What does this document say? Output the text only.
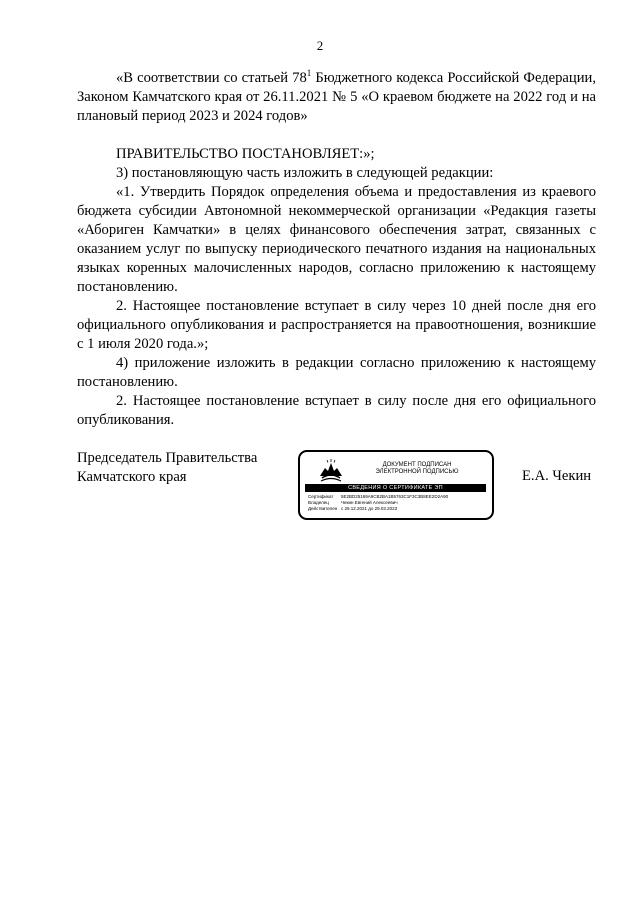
2

«В соответствии со статьей $78^1$ Бюджетного кодекса Российской Федерации, Законом Камчатского края от 26.11.2021 № 5 «О краевом бюджете на 2022 год и на плановый период 2023 и 2024 годов»

ПРАВИТЕЛЬСТВО ПОСТАНОВЛЯЕТ:»;

3) постановляющую часть изложить в следующей редакции:

«1. Утвердить Порядок определения объема и предоставления из краевого бюджета субсидии Автономной некоммерческой организации «Редакция газеты «Абориген Камчатки» в целях финансового обеспечения затрат, связанных с оказанием услуг по выпуску периодического печатного издания на национальных языках коренных малочисленных народов, согласно приложению к настоящему постановлению.

2. Настоящее постановление вступает в силу через 10 дней после дня его официального опубликования и распространяется на правоотношения, возникшие с 1 июля 2020 года.»;

4) приложение изложить в редакции согласно приложению к настоящему постановлению.

2. Настоящее постановление вступает в силу после дня его официального опубликования.

Председатель Правительства
Камчатского края
ДОКУМЕНТ ПОДПИСАН
ЭЛЕКТРОННОЙ ПОДПИСЬЮ
СВЕДЕНИЯ О СЕРТИФИКАТЕ ЭП
Сертификат 5E2BD25169A9CB2BA1B5763C1F3C3B8EE2D2A90
Владелец	Чекин Евгений Алексеевич
Действителен с 29.12.2021 до 29.03.2023
Е.А. Чекин
